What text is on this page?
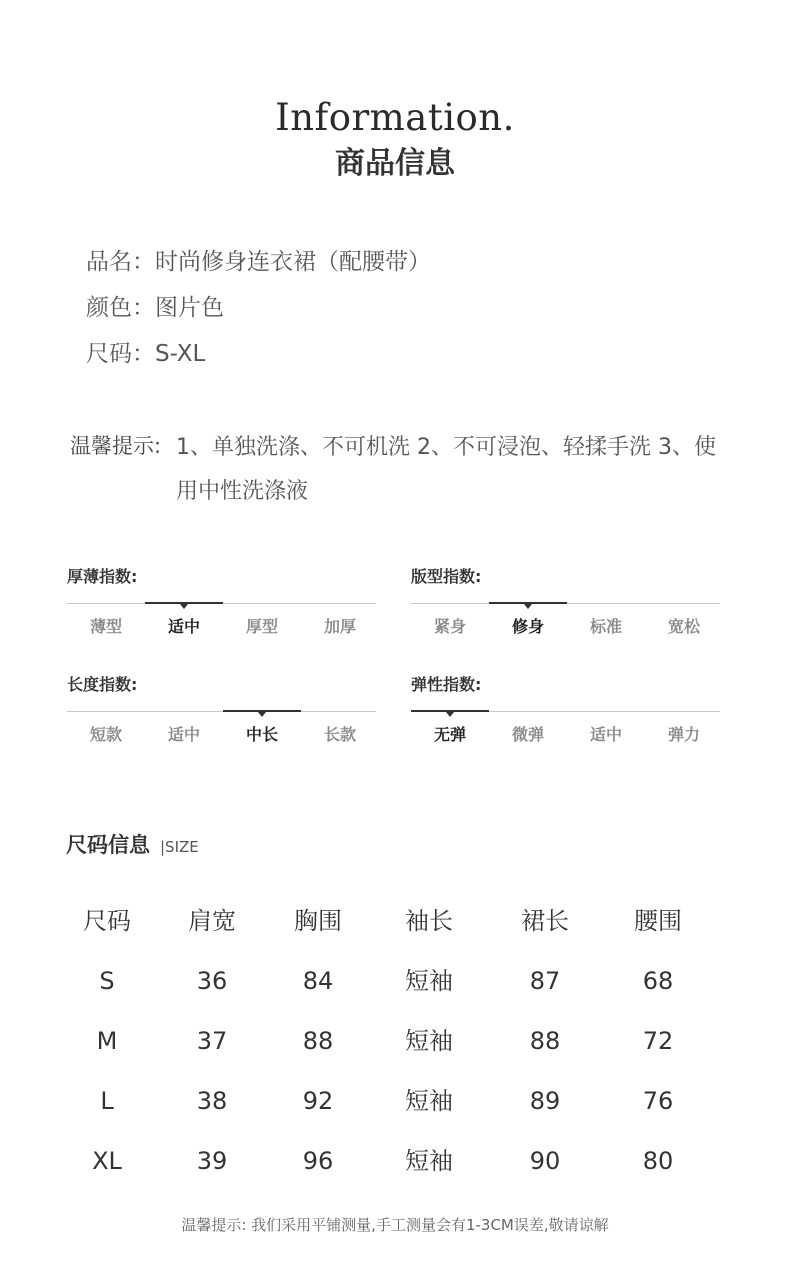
Information.
商品信息
品名：时尚修身连衣裙（配腰带）
颜色：图片色
尺码：S-XL
温馨提示: 1、单独洗涤、不可机洗 2、不可浸泡、轻揉手洗 3、使用中性洗涤液
厚薄指数:
薄型	适中	厚型	加厚
版型指数:
紧身	修身	标准	宽松
长度指数:
短款	适中	中长	长款
弹性指数:
无弹	微弹	适中	弹力
尺码信息 |SIZE
尺码	肩宽	胸围	袖长	裙长	腰围
S	36	84	短袖	87	68
M	37	88	短袖	88	72
L	38	92	短袖	89	76
XL	39	96	短袖	90	80
温馨提示: 我们采用平铺测量,手工测量会有1-3CM误差,敬请谅解
